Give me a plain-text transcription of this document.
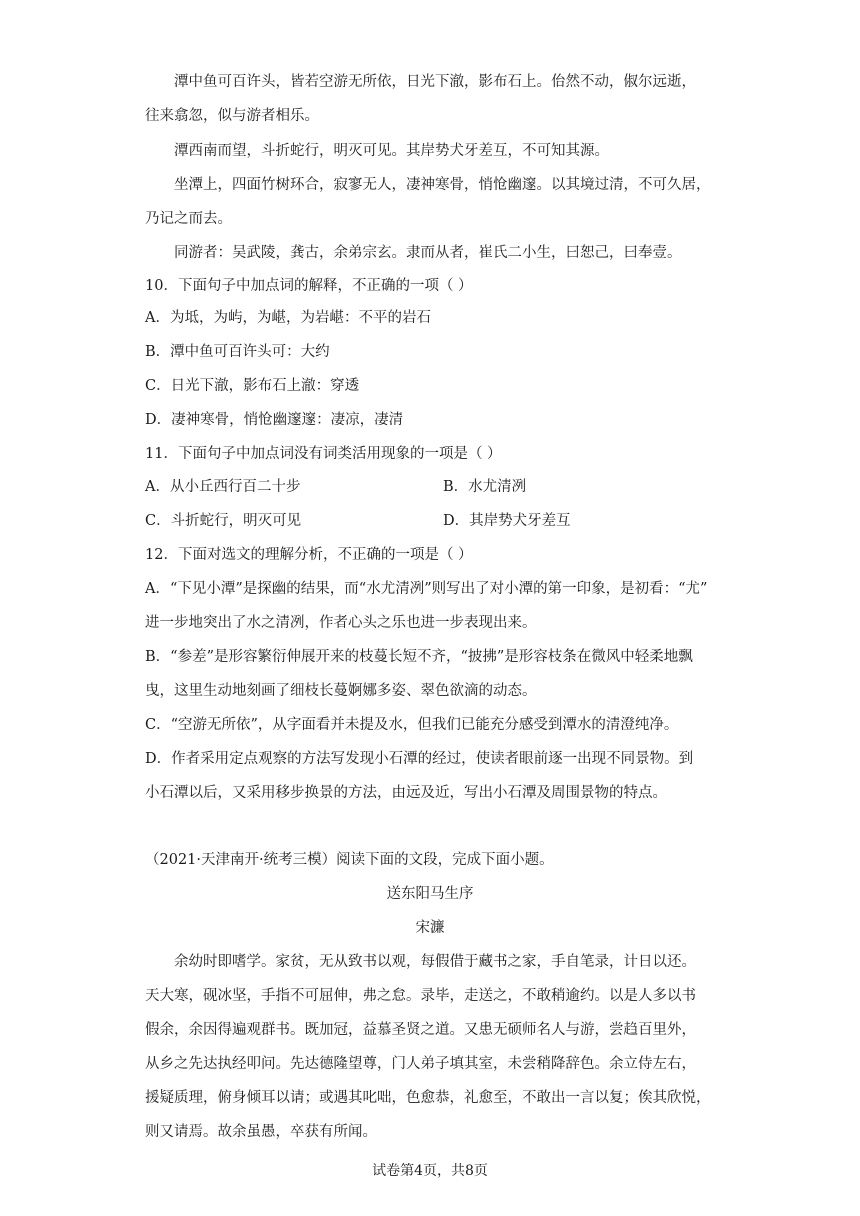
潭中鱼可百许头，皆若空游无所依，日光下澈，影布石上。佁然不动，俶尔远逝，
往来翕忽，似与游者相乐。
潭西南而望，斗折蛇行，明灭可见。其岸势犬牙差互，不可知其源。
坐潭上，四面竹树环合，寂寥无人，凄神寒骨，悄怆幽邃。以其境过清，不可久居，
乃记之而去。
同游者：吴武陵，龚古，余弟宗玄。隶而从者，崔氏二小生，曰恕己，曰奉壹。
10．下面句子中加点词的解释，不正确的一项（ ）
A．为坻，为屿，为嵁，为岩嵁：不平的岩石
B．潭中鱼可百许头可：大约
C．日光下澈，影布石上澈：穿透
D．凄神寒骨，悄怆幽邃邃：凄凉，凄清
11．下面句子中加点词没有词类活用现象的一项是（ ）
A．从小丘西行百二十步	B．水尤清冽
C．斗折蛇行，明灭可见	D．其岸势犬牙差互
12．下面对选文的理解分析，不正确的一项是（ ）
A．“下见小潭”是探幽的结果，而“水尤清冽”则写出了对小潭的第一印象，是初看：“尤”
进一步地突出了水之清冽，作者心头之乐也进一步表现出来。
B．“参差”是形容繁衍伸展开来的枝蔓长短不齐，“披拂”是形容枝条在微风中轻柔地飘
曳，这里生动地刻画了细枝长蔓婀娜多姿、翠色欲滴的动态。
C．“空游无所依”，从字面看并未提及水，但我们已能充分感受到潭水的清澄纯净。
D．作者采用定点观察的方法写发现小石潭的经过，使读者眼前逐一出现不同景物。到
小石潭以后，又采用移步换景的方法，由远及近，写出小石潭及周围景物的特点。
（2021·天津南开·统考三模）阅读下面的文段，完成下面小题。
送东阳马生序
宋濂
余幼时即嗜学。家贫，无从致书以观，每假借于藏书之家，手自笔录，计日以还。
天大寒，砚冰坚，手指不可屈伸，弗之怠。录毕，走送之，不敢稍逾约。以是人多以书
假余，余因得遍观群书。既加冠，益慕圣贤之道。又患无硕师名人与游，尝趋百里外，
从乡之先达执经叩问。先达德隆望尊，门人弟子填其室，未尝稍降辞色。余立侍左右，
援疑质理，俯身倾耳以请；或遇其叱咄，色愈恭，礼愈至，不敢出一言以复；俟其欣悦，
则又请焉。故余虽愚，卒获有所闻。
试卷第4页，共8页
